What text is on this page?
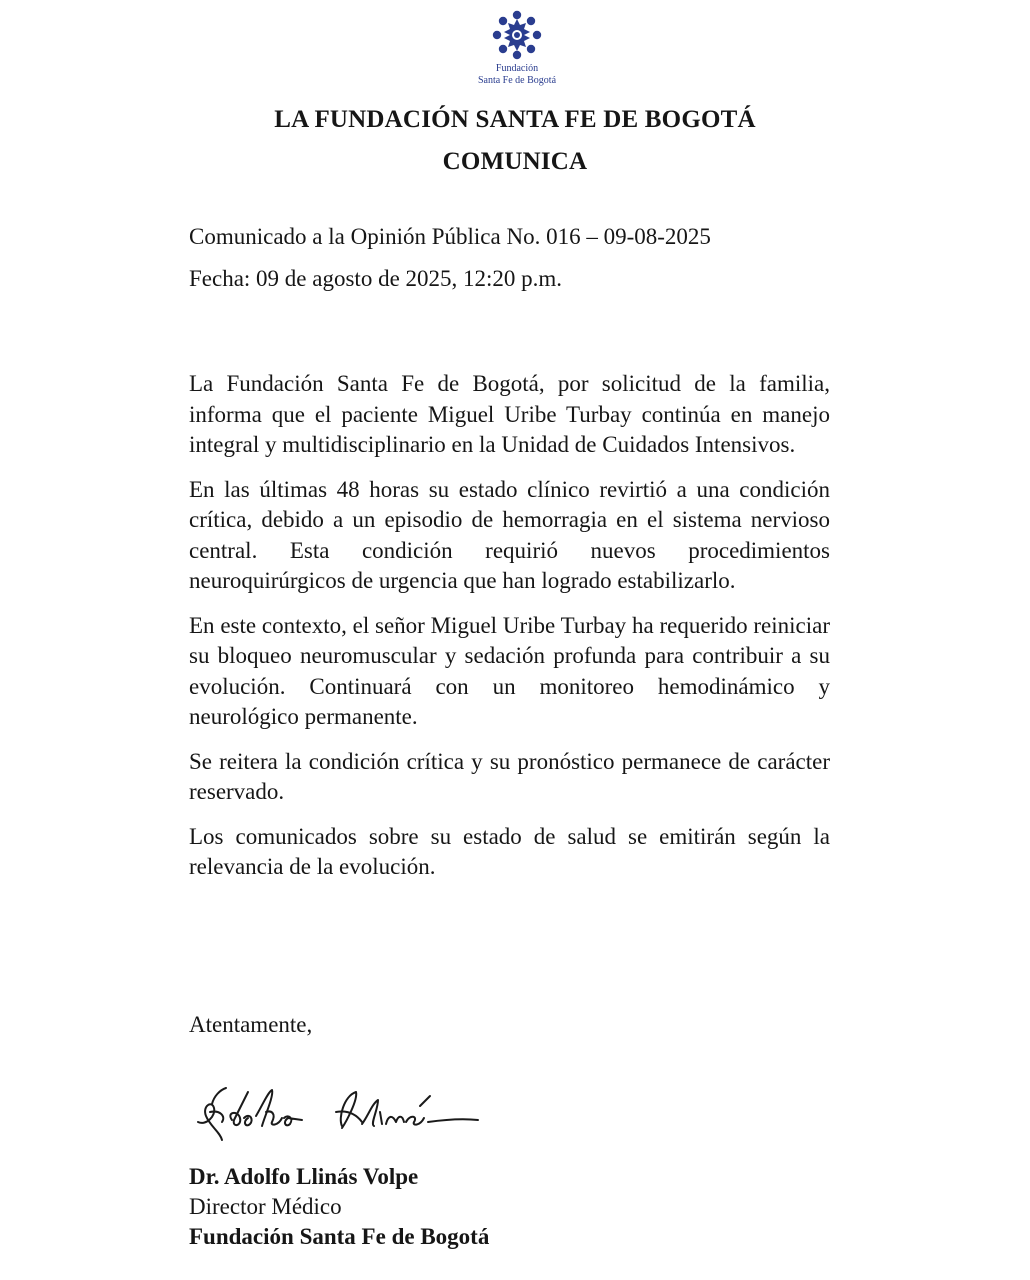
Fundación
Santa Fe de Bogotá
LA FUNDACIÓN SANTA FE DE BOGOTÁ
COMUNICA
Comunicado a la Opinión Pública No. 016 – 09-08-2025
Fecha: 09 de agosto de 2025, 12:20 p.m.

La Fundación Santa Fe de Bogotá, por solicitud de la familia, informa que el paciente Miguel Uribe Turbay continúa en manejo integral y multidisciplinario en la Unidad de Cuidados Intensivos.

En las últimas 48 horas su estado clínico revirtió a una condición crítica, debido a un episodio de hemorragia en el sistema nervioso central. Esta condición requirió nuevos procedimientos neuroquirúrgicos de urgencia que han logrado estabilizarlo.

En este contexto, el señor Miguel Uribe Turbay ha requerido reiniciar su bloqueo neuromuscular y sedación profunda para contribuir a su evolución. Continuará con un monitoreo hemodinámico y neurológico permanente.

Se reitera la condición crítica y su pronóstico permanece de carácter reservado.

Los comunicados sobre su estado de salud se emitirán según la relevancia de la evolución.

Atentamente,
Dr. Adolfo Llinás Volpe
Director Médico
Fundación Santa Fe de Bogotá
